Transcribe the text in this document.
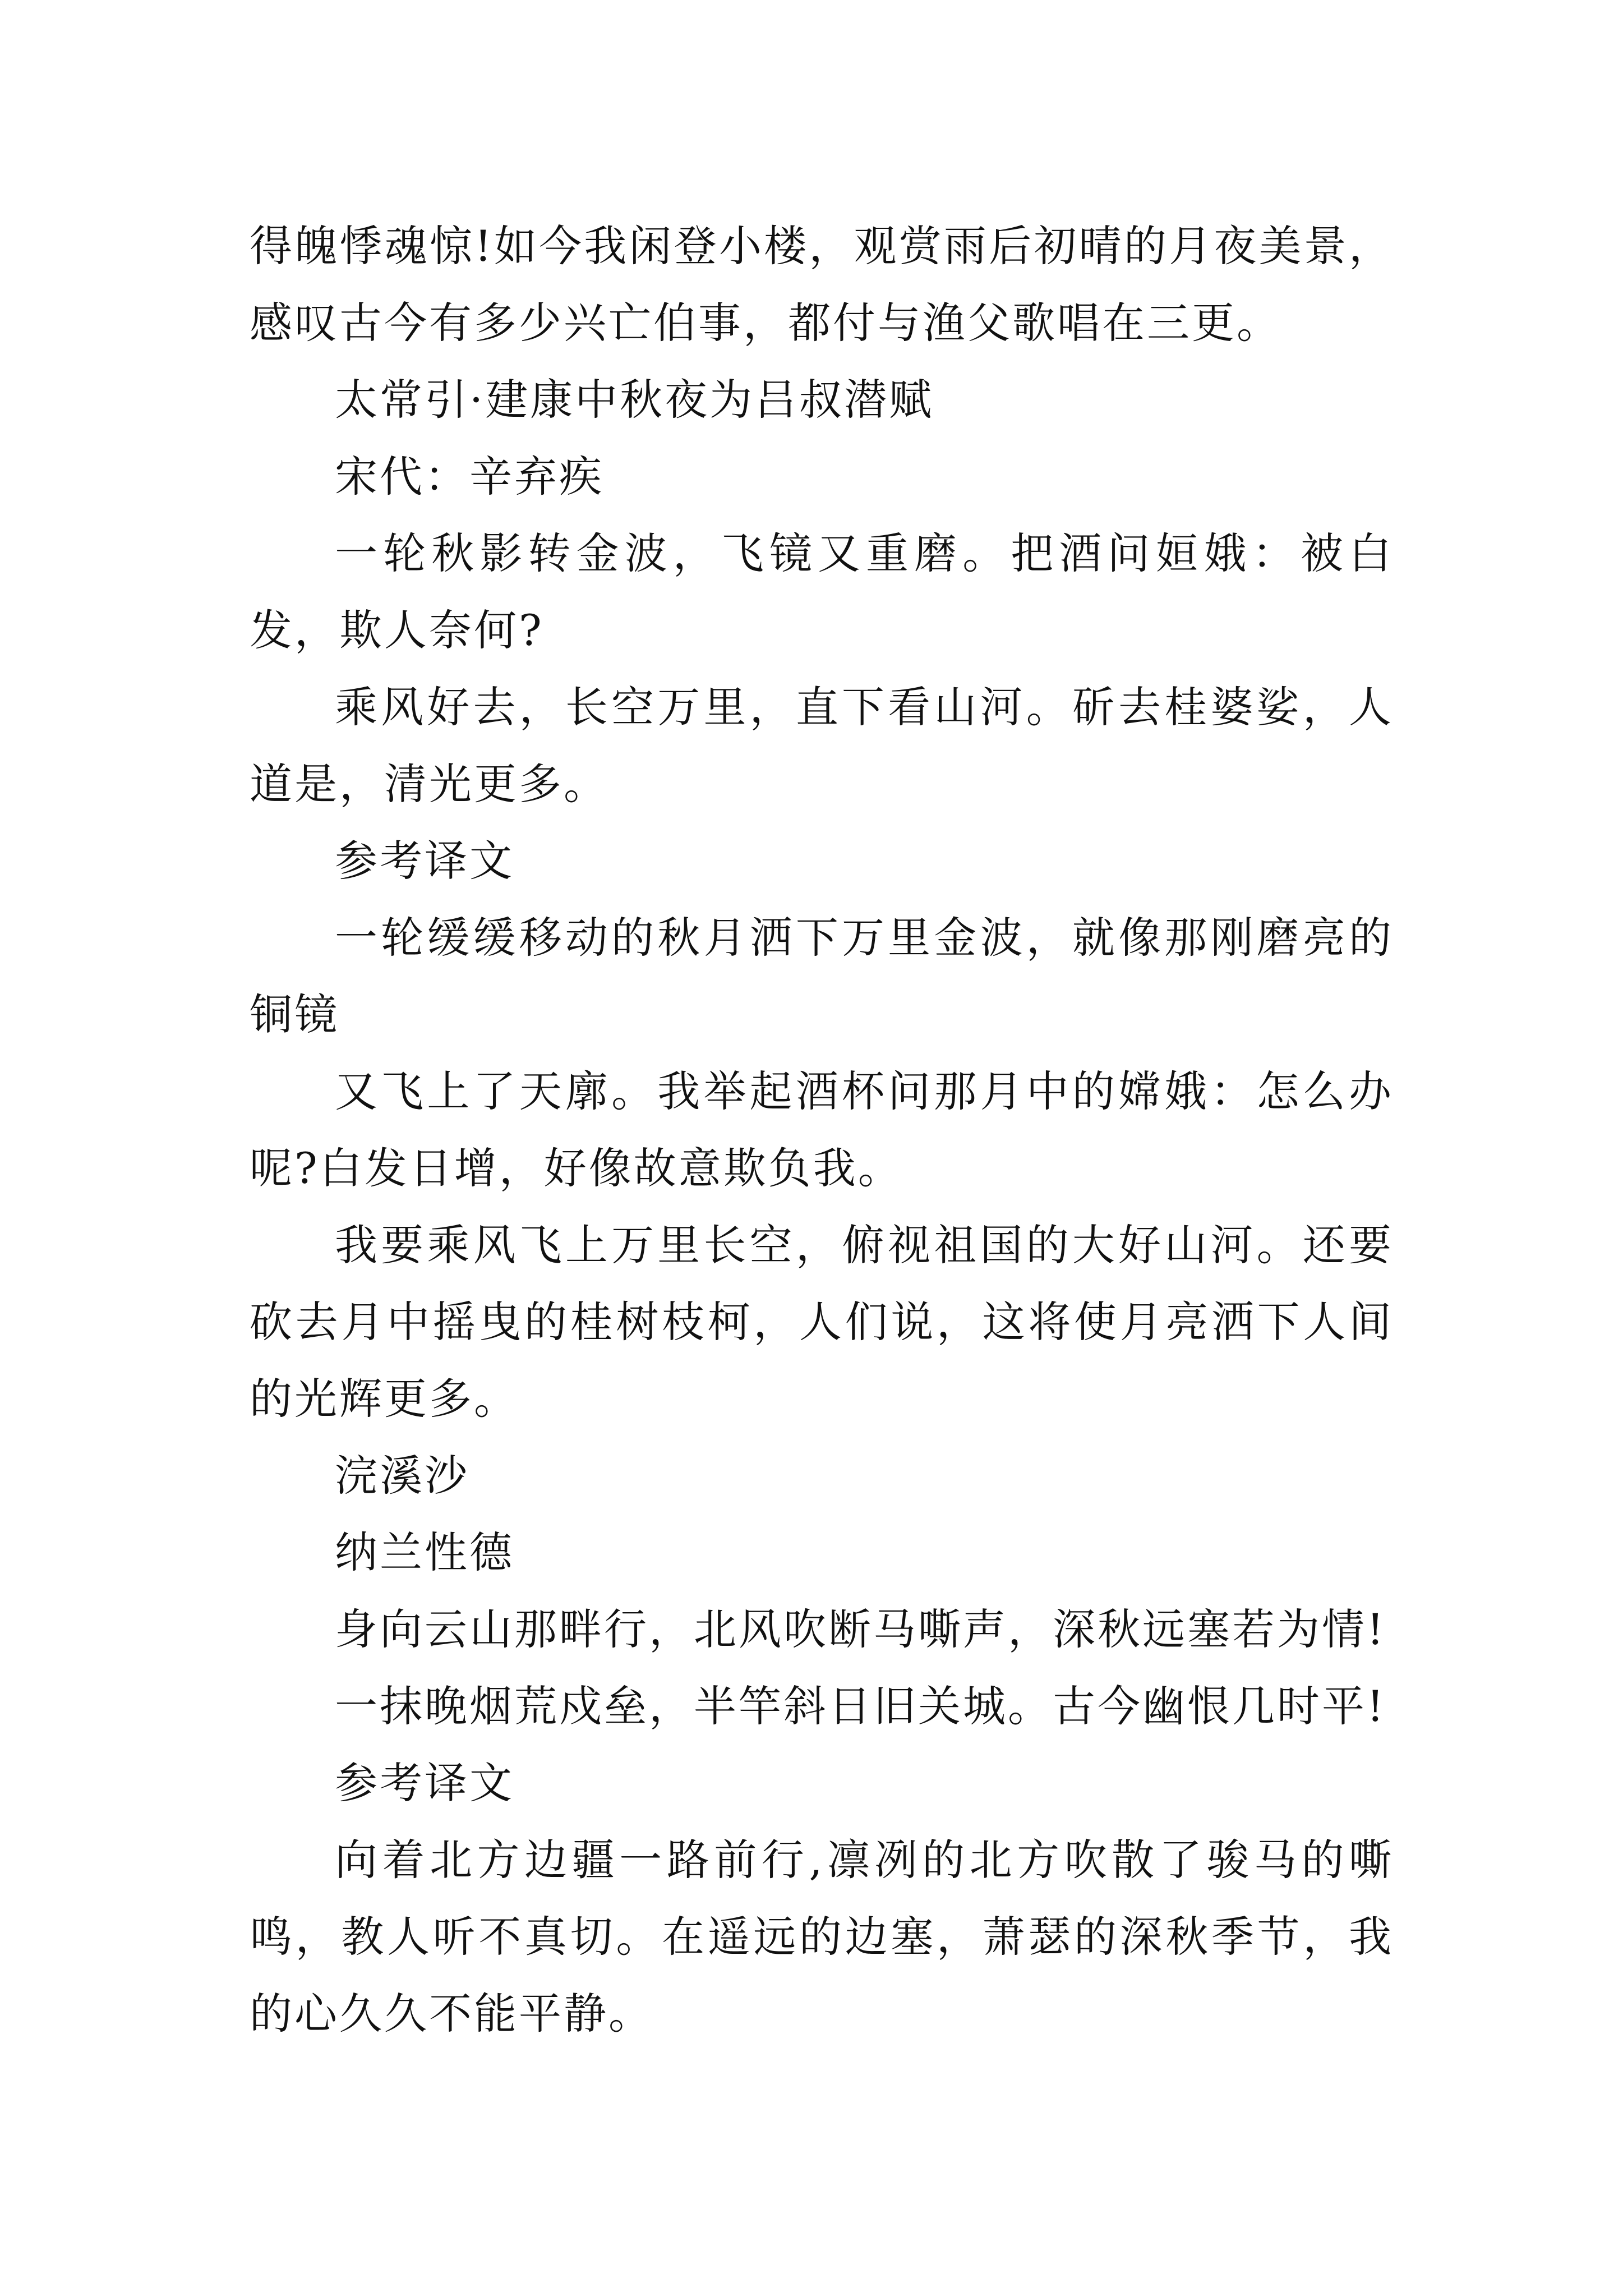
得魄悸魂惊!如今我闲登小楼，观赏雨后初晴的月夜美景，感叹古今有多少兴亡伯事，都付与渔父歌唱在三更。

太常引·建康中秋夜为吕叔潜赋

宋代：辛弃疾

一轮秋影转金波，飞镜又重磨。把酒问姮娥：被白发，欺人奈何?

乘风好去，长空万里，直下看山河。斫去桂婆娑，人道是，清光更多。

参考译文

一轮缓缓移动的秋月洒下万里金波，就像那刚磨亮的铜镜

又飞上了天廓。我举起酒杯问那月中的嫦娥：怎么办呢?白发日增，好像故意欺负我。

我要乘风飞上万里长空，俯视祖国的大好山河。还要砍去月中摇曳的桂树枝柯，人们说，这将使月亮洒下人间的光辉更多。

浣溪沙

纳兰性德

身向云山那畔行，北风吹断马嘶声，深秋远塞若为情!

一抹晚烟荒戍垒，半竿斜日旧关城。古今幽恨几时平!

参考译文

向着北方边疆一路前行,凛冽的北方吹散了骏马的嘶鸣，教人听不真切。在遥远的边塞，萧瑟的深秋季节，我的心久久不能平静。
